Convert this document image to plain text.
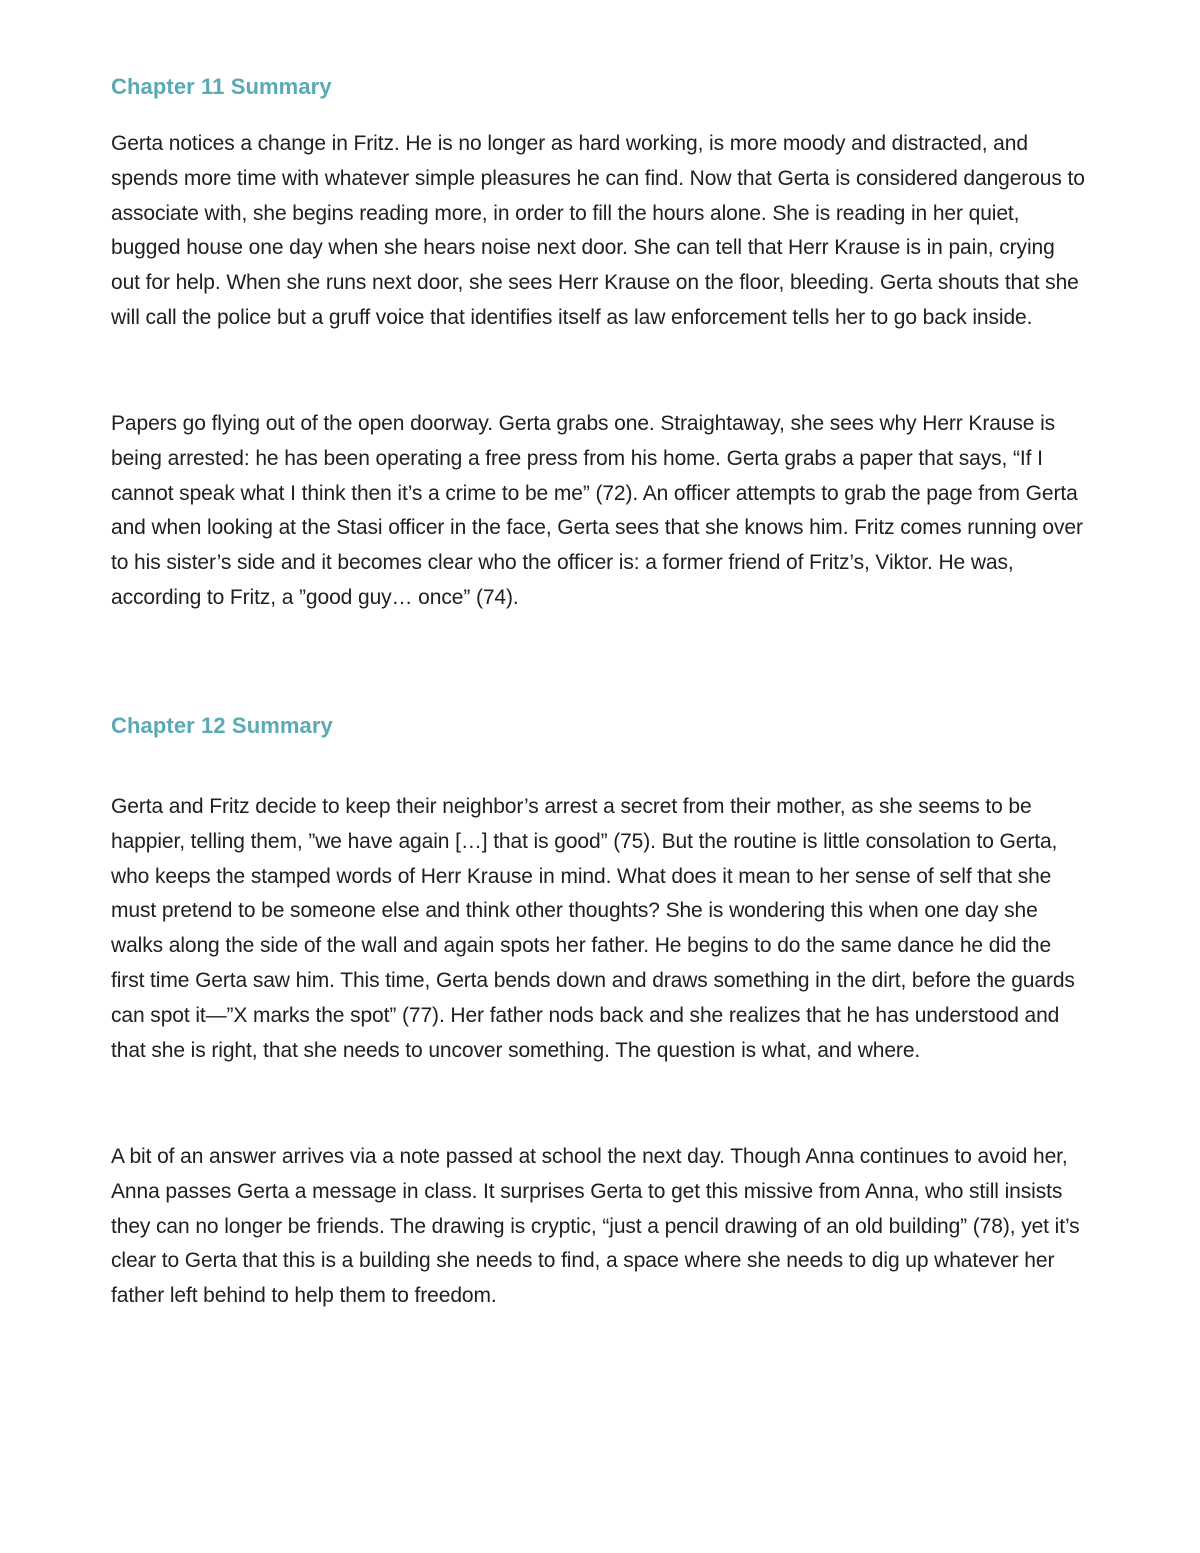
Chapter 11 Summary

Gerta notices a change in Fritz. He is no longer as hard working, is more moody and distracted, and spends more time with whatever simple pleasures he can find. Now that Gerta is considered dangerous to associate with, she begins reading more, in order to fill the hours alone. She is reading in her quiet, bugged house one day when she hears noise next door. She can tell that Herr Krause is in pain, crying out for help. When she runs next door, she sees Herr Krause on the floor, bleeding. Gerta shouts that she will call the police but a gruff voice that identifies itself as law enforcement tells her to go back inside.

Papers go flying out of the open doorway. Gerta grabs one. Straightaway, she sees why Herr Krause is being arrested: he has been operating a free press from his home. Gerta grabs a paper that says, “If I cannot speak what I think then it’s a crime to be me” (72). An officer attempts to grab the page from Gerta and when looking at the Stasi officer in the face, Gerta sees that she knows him. Fritz comes running over to his sister’s side and it becomes clear who the officer is: a former friend of Fritz’s, Viktor. He was, according to Fritz, a ”good guy… once” (74).

Chapter 12 Summary

Gerta and Fritz decide to keep their neighbor’s arrest a secret from their mother, as she seems to be happier, telling them, ”we have again […] that is good” (75). But the routine is little consolation to Gerta, who keeps the stamped words of Herr Krause in mind. What does it mean to her sense of self that she must pretend to be someone else and think other thoughts? She is wondering this when one day she walks along the side of the wall and again spots her father. He begins to do the same dance he did the first time Gerta saw him. This time, Gerta bends down and draws something in the dirt, before the guards can spot it—”X marks the spot” (77). Her father nods back and she realizes that he has understood and that she is right, that she needs to uncover something. The question is what, and where.

A bit of an answer arrives via a note passed at school the next day. Though Anna continues to avoid her, Anna passes Gerta a message in class. It surprises Gerta to get this missive from Anna, who still insists they can no longer be friends. The drawing is cryptic, “just a pencil drawing of an old building” (78), yet it’s clear to Gerta that this is a building she needs to find, a space where she needs to dig up whatever her father left behind to help them to freedom.
